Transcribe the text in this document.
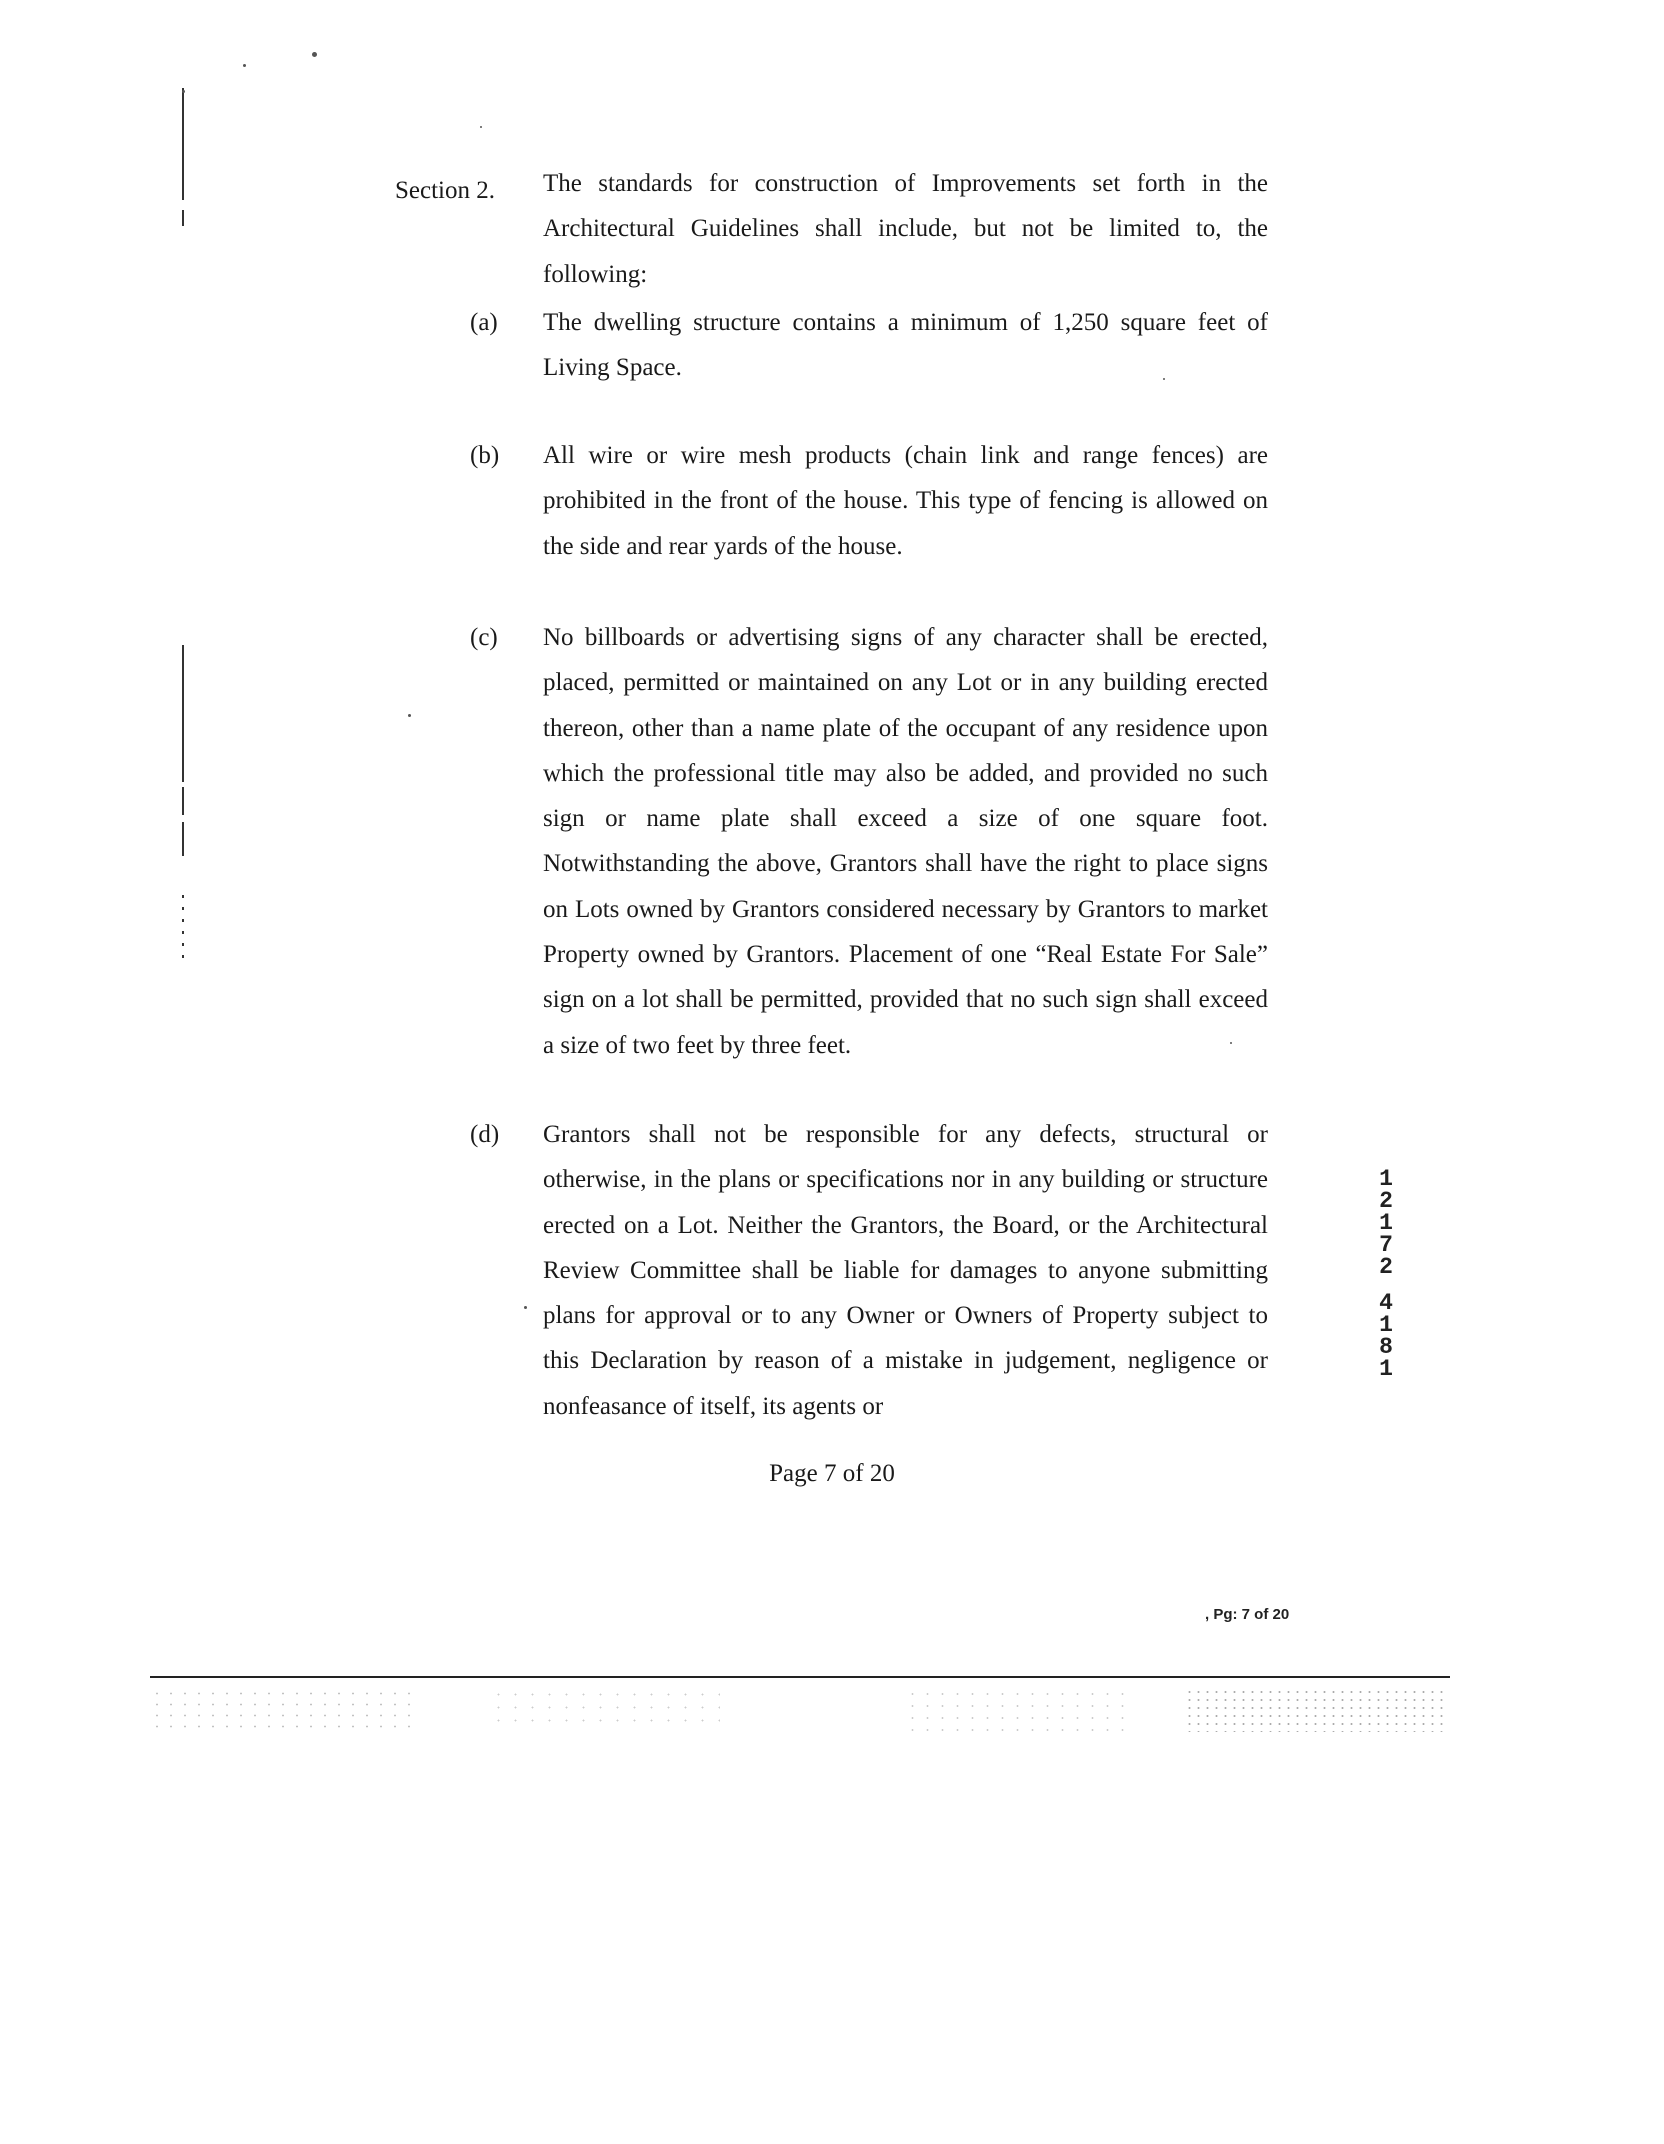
Section 2. The standards for construction of Improvements set forth in the Architectural Guidelines shall include, but not be limited to, the following:

(a) The dwelling structure contains a minimum of 1,250 square feet of Living Space.

(b) All wire or wire mesh products (chain link and range fences) are prohibited in the front of the house. This type of fencing is allowed on the side and rear yards of the house.

(c) No billboards or advertising signs of any character shall be erected, placed, permitted or maintained on any Lot or in any building erected thereon, other than a name plate of the occupant of any residence upon which the professional title may also be added, and provided no such sign or name plate shall exceed a size of one square foot. Notwithstanding the above, Grantors shall have the right to place signs on Lots owned by Grantors considered necessary by Grantors to market Property owned by Grantors. Placement of one “Real Estate For Sale” sign on a lot shall be permitted, provided that no such sign shall exceed a size of two feet by three feet.

(d) Grantors shall not be responsible for any defects, structural or otherwise, in the plans or specifications nor in any building or structure erected on a Lot. Neither the Grantors, the Board, or the Architectural Review Committee shall be liable for damages to anyone submitting plans for approval or to any Owner or Owners of Property subject to this Declaration by reason of a mistake in judgement, negligence or nonfeasance of itself, its agents or

1
2
1
7
2
4
1
8
1
Page 7 of 20
, Pg: 7 of 20
